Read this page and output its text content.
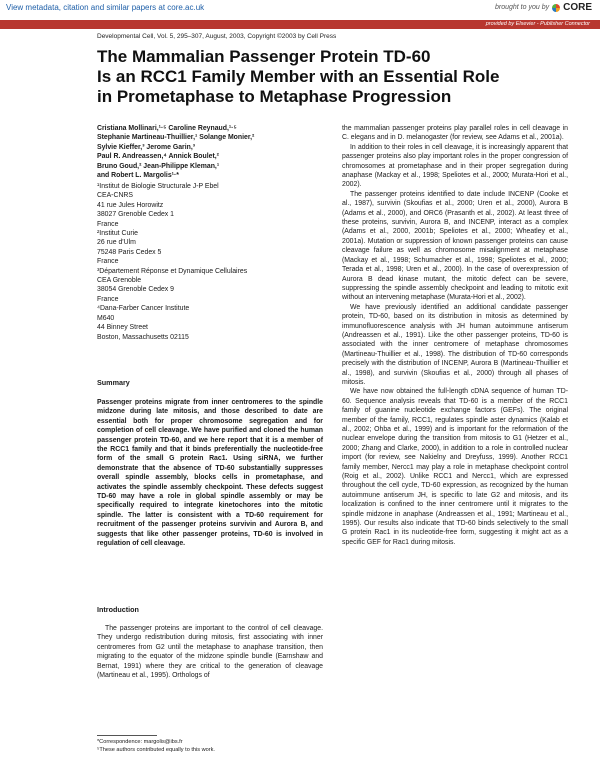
View metadata, citation and similar papers at core.ac.uk	brought to you by CORE
provided by Elsevier - Publisher Connector
Developmental Cell, Vol. 5, 295–307, August, 2003, Copyright ©2003 by Cell Press
The Mammalian Passenger Protein TD-60
Is an RCC1 Family Member with an Essential Role
in Prometaphase to Metaphase Progression
Cristiana Mollinari,¹·⁵ Caroline Reynaud,¹·⁵
Stephanie Martineau-Thuillier,¹ Solange Monier,²
Sylvie Kieffer,³ Jerome Garin,³
Paul R. Andreassen,⁴ Annick Boulet,²
Bruno Goud,² Jean-Philippe Kleman,¹
and Robert L. Margolis¹·*
¹Institut de Biologie Structurale J-P Ebel
CEA-CNRS
41 rue Jules Horowitz
38027 Grenoble Cedex 1
France
²Institut Curie
26 rue d'Ulm
75248 Paris Cedex 5
France
³Département Réponse et Dynamique Cellulaires
CEA Grenoble
38054 Grenoble Cedex 9
France
⁴Dana-Farber Cancer Institute
M640
44 Binney Street
Boston, Massachusetts 02115
Summary
Passenger proteins migrate from inner centromeres to the spindle midzone during late mitosis, and those described to date are essential both for proper chromosome segregation and for completion of cell cleavage. We have purified and cloned the human passenger protein TD-60, and we here report that it is a member of the RCC1 family and that it binds preferentially the nucleotide-free form of the small G protein Rac1. Using siRNA, we further demonstrate that the absence of TD-60 substantially suppresses overall spindle assembly, blocks cells in prometaphase, and activates the spindle assembly checkpoint. These defects suggest TD-60 may have a role in global spindle assembly or may be specifically required to integrate kinetochores into the mitotic spindle. The latter is consistent with a TD-60 requirement for recruitment of the passenger proteins survivin and Aurora B, and suggests that like other passenger proteins, TD-60 is involved in regulation of cell cleavage.
Introduction

The passenger proteins are important to the control of cell cleavage. They undergo redistribution during mitosis, first associating with inner centromeres from G2 until the metaphase to anaphase transition, then migrating to the equator of the midzone spindle bundle (Earnshaw and Bernat, 1991) where they are critical to the generation of cleavage (Martineau et al., 1995). Orthologs of

*Correspondence: margolis@ibs.fr
⁵These authors contributed equally to this work.

the mammalian passenger proteins play parallel roles in cell cleavage in C. elegans and in D. melanogaster (for review, see Adams et al., 2001a).

In addition to their roles in cell cleavage, it is increasingly apparent that passenger proteins also play important roles in the proper congression of chromosomes at prometaphase and in their proper segregation during anaphase (Mackay et al., 1998; Speliotes et al., 2000; Murata-Hori et al., 2002).

The passenger proteins identified to date include INCENP (Cooke et al., 1987), survivin (Skoufias et al., 2000; Uren et al., 2000), Aurora B (Adams et al., 2000), and ORC6 (Prasanth et al., 2002). At least three of these proteins, survivin, Aurora B, and INCENP, interact as a complex (Adams et al., 2000, 2001b; Speliotes et al., 2000; Wheatley et al., 2001a). Mutation or suppression of known passenger proteins can cause cleavage failure as well as chromosome misalignment at metaphase (Mackay et al., 1998; Schumacher et al., 1998; Speliotes et al., 2000; Terada et al., 1998; Uren et al., 2000). In the case of overexpression of Aurora B dead kinase mutant, the mitotic defect can be severe, suppressing the spindle assembly checkpoint and leading to mitotic exit without an intervening metaphase (Murata-Hori et al., 2002).

We have previously identified an additional candidate passenger protein, TD-60, based on its distribution in mitosis as determined by immunofluorescence analysis with JH human autoimmune antiserum (Andreassen et al., 1991). Like the other passenger proteins, TD-60 is associated with the inner centromere of metaphase chromosomes (Martineau-Thuillier et al., 1998). The distribution of TD-60 corresponds precisely with the distribution of INCENP, Aurora B (Martineau-Thuillier et al., 1998), and survivin (Skoufias et al., 2000) through all phases of mitosis.

We have now obtained the full-length cDNA sequence of human TD-60. Sequence analysis reveals that TD-60 is a member of the RCC1 family of guanine nucleotide exchange factors (GEFs). The original member of the family, RCC1, regulates spindle aster dynamics (Kalab et al., 2002; Ohba et al., 1999) and is important for the reformation of the nuclear envelope during the transition from mitosis to G1 (Hetzer et al., 2000; Zhang and Clarke, 2000), in addition to a role in controlled nuclear import (for review, see Nakielny and Dreyfuss, 1999). Another RCC1 family member, Nercc1 may play a role in metaphase checkpoint control (Roig et al., 2002). Unlike RCC1 and Nercc1, which are expressed throughout the cell cycle, TD-60 expression, as recognized by the human autoimmune antiserum JH, is specific to late G2 and mitosis, and its localization is confined to the inner centromere until it migrates to the spindle midzone in anaphase (Andreassen et al., 1991; Martineau et al., 1995). Our results also indicate that TD-60 binds selectively to the small G protein Rac1 in its nucleotide-free form, suggesting it might act as a specific GEF for Rac1 during mitosis.
